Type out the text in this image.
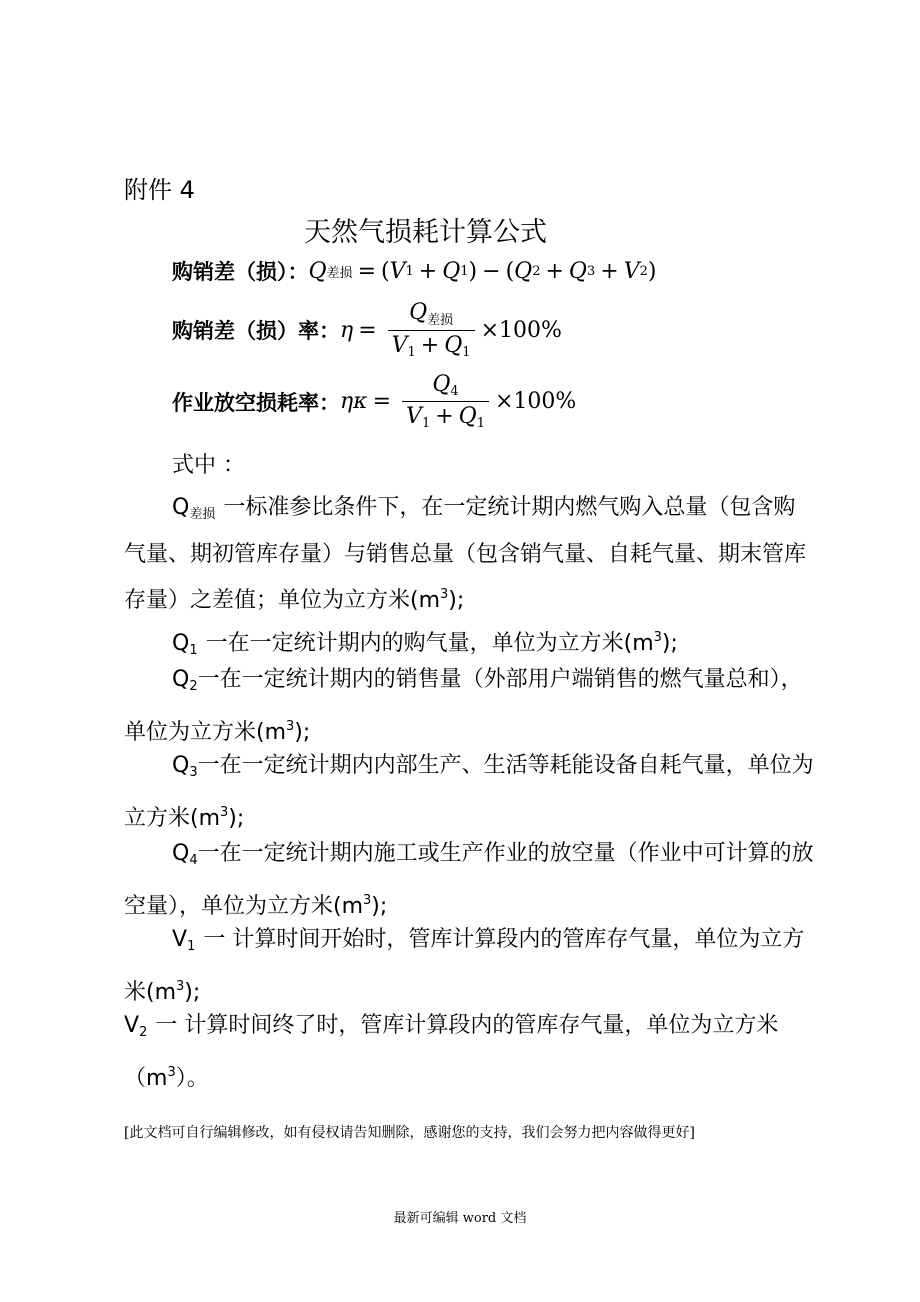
附件 4
天然气损耗计算公式
购销差（损）： Q 差损 = ( V 1 + Q 1 ) − ( Q 2 + Q 3 + V 2 )
购销差（损）率： $\eta = \frac{Q_{差损}}{V_1 + Q_1} \times 100\%$
作业放空损耗率： $\eta\kappa = \frac{Q_4}{V_1 + Q_1} \times 100\%$
式中 ：
$Q_{差损}$ 一标准参比条件下，在一定统计期内燃气购入总量（包含购气量、期初管库存量）与销售总量（包含销气量、自耗气量、期末管库存量）之差值；单位为立方米$(m^3)$;
$Q_1$ 一在一定统计期内的购气量，单位为立方米$(m^3)$;
$Q_2$一在一定统计期内的销售量（外部用户端销售的燃气量总和），单位为立方米$(m^3)$;
$Q_3$一在一定统计期内内部生产、生活等耗能设备自耗气量，单位为立方米$(m^3)$;
$Q_4$一在一定统计期内施工或生产作业的放空量（作业中可计算的放空量），单位为立方米$(m^3)$;
$V_1$ 一 计算时间开始时，管库计算段内的管库存气量，单位为立方米$(m^3)$;
$V_2$ 一 计算时间终了时，管库计算段内的管库存气量，单位为立方米$(m^3)$。
[此文档可自行编辑修改，如有侵权请告知删除，感谢您的支持，我们会努力把内容做得更好]
最新可编辑 word 文档
